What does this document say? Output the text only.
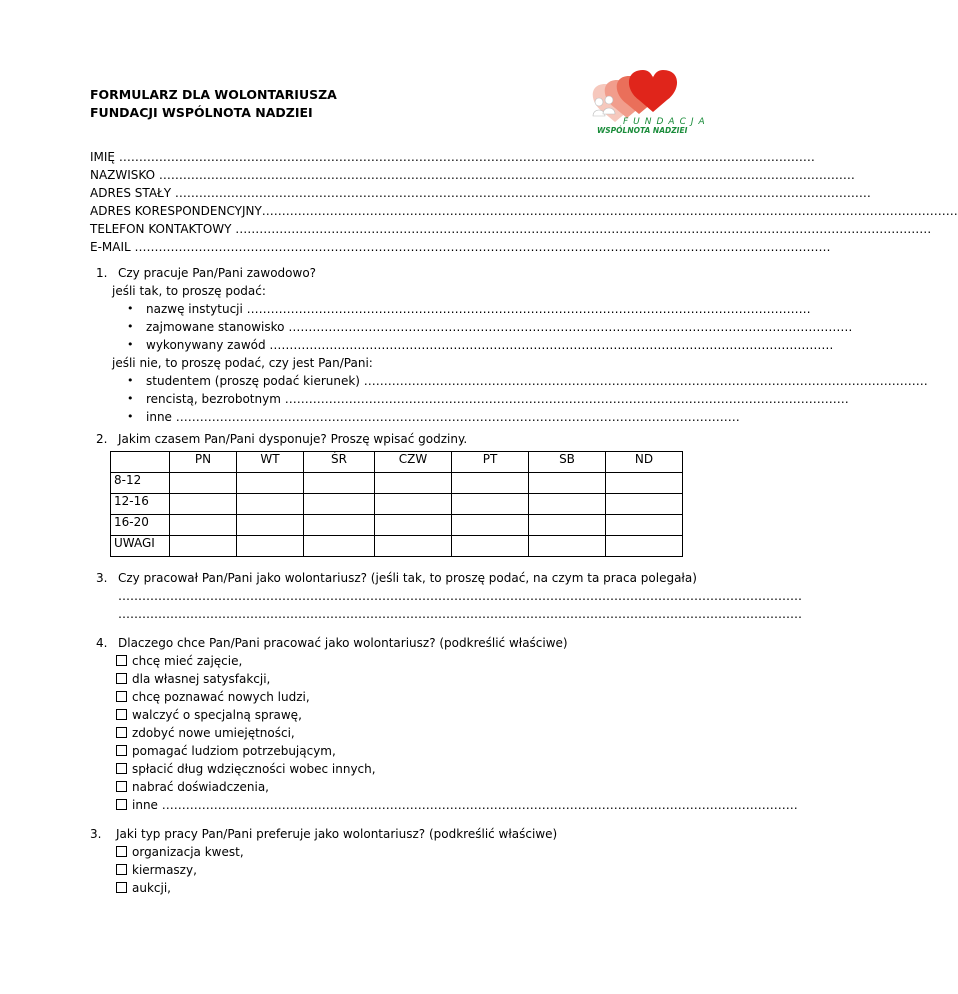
FORMULARZ DLA WOLONTARIUSZA
FUNDACJI WSPÓLNOTA NADZIEI
FUNDACJA
WSPÓLNOTA NADZIEI
IMIĘ …………………………………………………………………………………………………………………………………………………………
NAZWISKO …………………………………………………………………………………………………………………………………………………………
ADRES STAŁY …………………………………………………………………………………………………………………………………………………………
ADRES KORESPONDENCYJNY…………………………………………………………………………………………………………………………………………………………
TELEFON KONTAKTOWY …………………………………………………………………………………………………………………………………………………………
E-MAIL …………………………………………………………………………………………………………………………………………………………
1. Czy pracuje Pan/Pani zawodowo?
jeśli tak, to proszę podać:
• nazwę instytucji ……………………………………………………………………………………………………………………………
• zajmowane stanowisko ……………………………………………………………………………………………………………………………
• wykonywany zawód ……………………………………………………………………………………………………………………………
jeśli nie, to proszę podać, czy jest Pan/Pani:
• studentem (proszę podać kierunek) ……………………………………………………………………………………………………………………………
• rencistą, bezrobotnym ……………………………………………………………………………………………………………………………
• inne ……………………………………………………………………………………………………………………………
2. Jakim czasem Pan/Pani dysponuje? Proszę wpisać godziny.
	PN	WT	ŚR	CZW	PT	SB	ND
8-12							
12-16							
16-20							
UWAGI							
3. Czy pracował Pan/Pani jako wolontariusz? (jeśli tak, to proszę podać, na czym ta praca polegała)
………………………………………………………………………………………………………………………………………………………
………………………………………………………………………………………………………………………………………………………
4. Dlaczego chce Pan/Pani pracować jako wolontariusz? (podkreślić właściwe)
chcę mieć zajęcie,
dla własnej satysfakcji,
chcę poznawać nowych ludzi,
walczyć o specjalną sprawę,
zdobyć nowe umiejętności,
pomagać ludziom potrzebującym,
spłacić dług wdzięczności wobec innych,
nabrać doświadczenia,
inne ……………………………………………………………………………………………………………………………………………
3. Jaki typ pracy Pan/Pani preferuje jako wolontariusz? (podkreślić właściwe)
organizacja kwest,
kiermaszy,
aukcji,
